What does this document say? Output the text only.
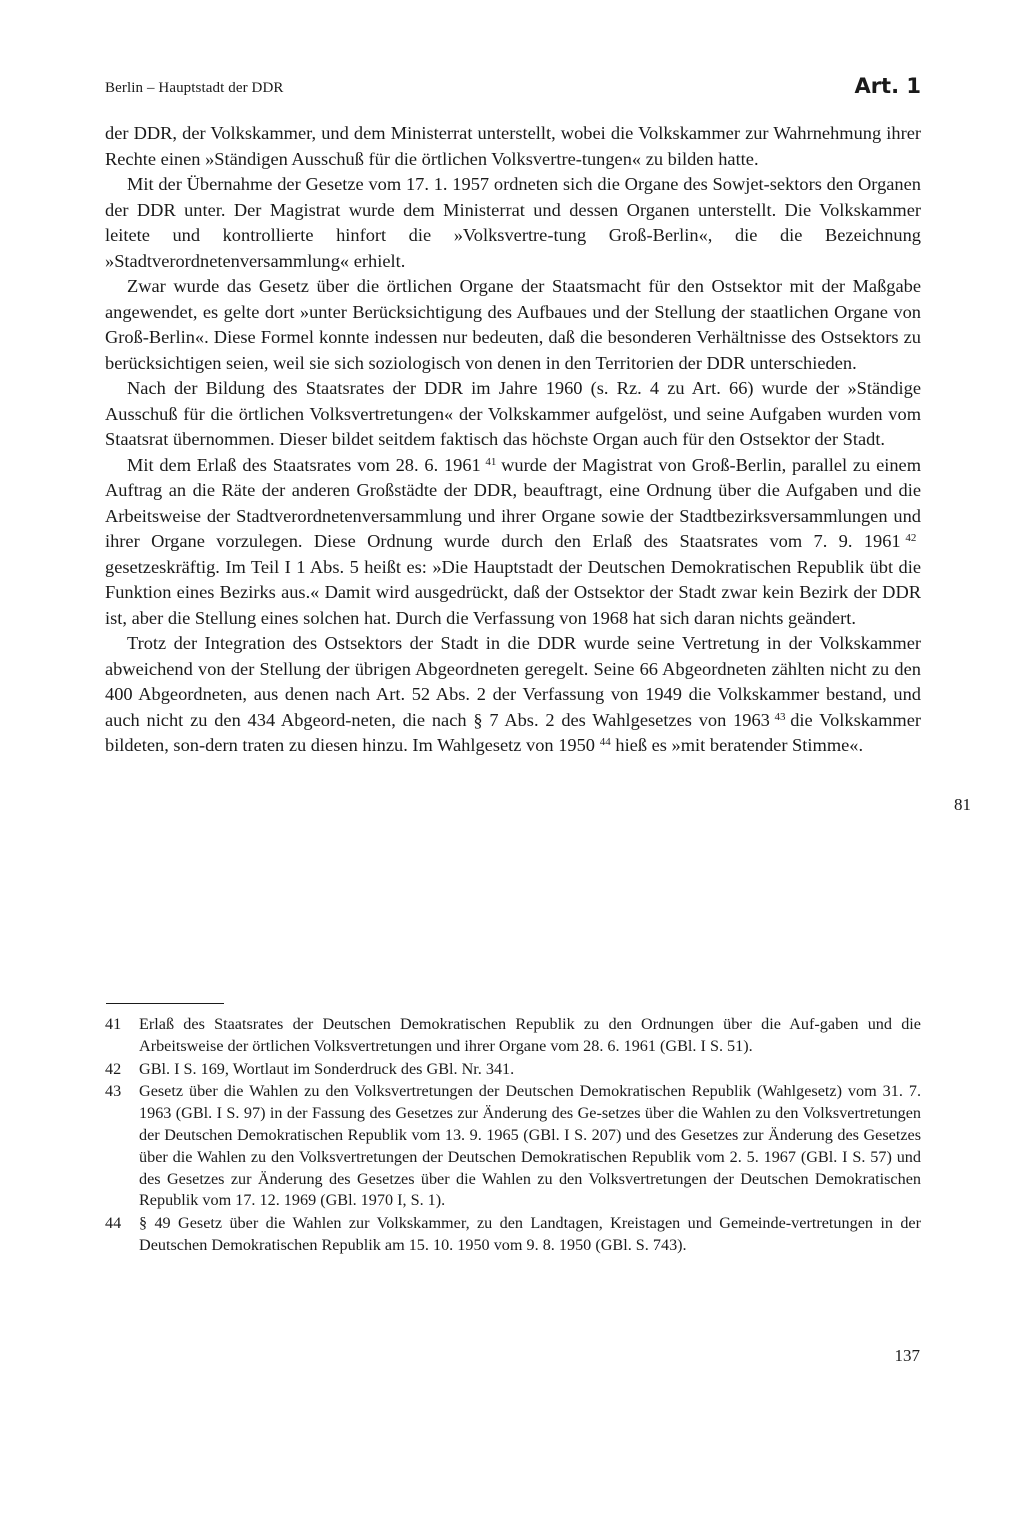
Berlin – Hauptstadt der DDR	Art. 1

der DDR, der Volkskammer, und dem Ministerrat unterstellt, wobei die Volkskammer zur Wahrnehmung ihrer Rechte einen »Ständigen Ausschuß für die örtlichen Volksvertre-tungen« zu bilden hatte.

Mit der Übernahme der Gesetze vom 17. 1. 1957 ordneten sich die Organe des Sowjet-sektors den Organen der DDR unter. Der Magistrat wurde dem Ministerrat und dessen Organen unterstellt. Die Volkskammer leitete und kontrollierte hinfort die »Volksvertre-tung Groß-Berlin«, die die Bezeichnung »Stadtverordnetenversammlung« erhielt.

Zwar wurde das Gesetz über die örtlichen Organe der Staatsmacht für den Ostsektor mit der Maßgabe angewendet, es gelte dort »unter Berücksichtigung des Aufbaues und der Stellung der staatlichen Organe von Groß-Berlin«. Diese Formel konnte indessen nur bedeuten, daß die besonderen Verhältnisse des Ostsektors zu berücksichtigen seien, weil sie sich soziologisch von denen in den Territorien der DDR unterschieden.

Nach der Bildung des Staatsrates der DDR im Jahre 1960 (s. Rz. 4 zu Art. 66) wurde der »Ständige Ausschuß für die örtlichen Volksvertretungen« der Volkskammer aufgelöst, und seine Aufgaben wurden vom Staatsrat übernommen. Dieser bildet seitdem faktisch das höchste Organ auch für den Ostsektor der Stadt.

Mit dem Erlaß des Staatsrates vom 28. 6. 1961  $^{41}$  wurde der Magistrat von Groß-Berlin, parallel zu einem Auftrag an die Räte der anderen Großstädte der DDR, beauftragt, eine Ordnung über die Aufgaben und die Arbeitsweise der Stadtverordnetenversammlung und ihrer Organe sowie der Stadtbezirksversammlungen und ihrer Organe vorzulegen. Diese Ordnung wurde durch den Erlaß des Staatsrates vom 7. 9. 1961  $^{42}$ gesetzeskräftig. Im Teil I 1 Abs. 5 heißt es: »Die Hauptstadt der Deutschen Demokratischen Republik übt die Funktion eines Bezirks aus.« Damit wird ausgedrückt, daß der Ostsektor der Stadt zwar kein Bezirk der DDR ist, aber die Stellung eines solchen hat. Durch die Verfassung von 1968 hat sich daran nichts geändert.

Trotz der Integration des Ostsektors der Stadt in die DDR wurde seine Vertretung in der Volkskammer abweichend von der Stellung der übrigen Abgeordneten geregelt. Seine 66 Abgeordneten zählten nicht zu den 400 Abgeordneten, aus denen nach Art. 52 Abs. 2 der Verfassung von 1949 die Volkskammer bestand, und auch nicht zu den 434 Abgeord-neten, die nach § 7 Abs. 2 des Wahlgesetzes von 1963  $^{43}$  die Volkskammer bildeten, son-dern traten zu diesen hinzu. Im Wahlgesetz von 1950  $^{44}$  hieß es »mit beratender Stimme«.

81
41	Erlaß des Staatsrates der Deutschen Demokratischen Republik zu den Ordnungen über die Auf-gaben und die Arbeitsweise der örtlichen Volksvertretungen und ihrer Organe vom 28. 6. 1961 (GBl. I S. 51).
42	GBl. I S. 169, Wortlaut im Sonderdruck des GBl. Nr. 341.
43	Gesetz über die Wahlen zu den Volksvertretungen der Deutschen Demokratischen Republik (Wahlgesetz) vom 31. 7. 1963 (GBl. I S. 97) in der Fassung des Gesetzes zur Änderung des Ge-setzes über die Wahlen zu den Volksvertretungen der Deutschen Demokratischen Republik vom 13. 9. 1965 (GBl. I S. 207) und des Gesetzes zur Änderung des Gesetzes über die Wahlen zu den Volksvertretungen der Deutschen Demokratischen Republik vom 2. 5. 1967 (GBl. I S. 57) und des Gesetzes zur Änderung des Gesetzes über die Wahlen zu den Volksvertretungen der Deutschen Demokratischen Republik vom 17. 12. 1969 (GBl. 1970 I, S. 1).
44	§ 49 Gesetz über die Wahlen zur Volkskammer, zu den Landtagen, Kreistagen und Gemeinde-vertretungen in der Deutschen Demokratischen Republik am 15. 10. 1950 vom 9. 8. 1950 (GBl. S. 743).
137
